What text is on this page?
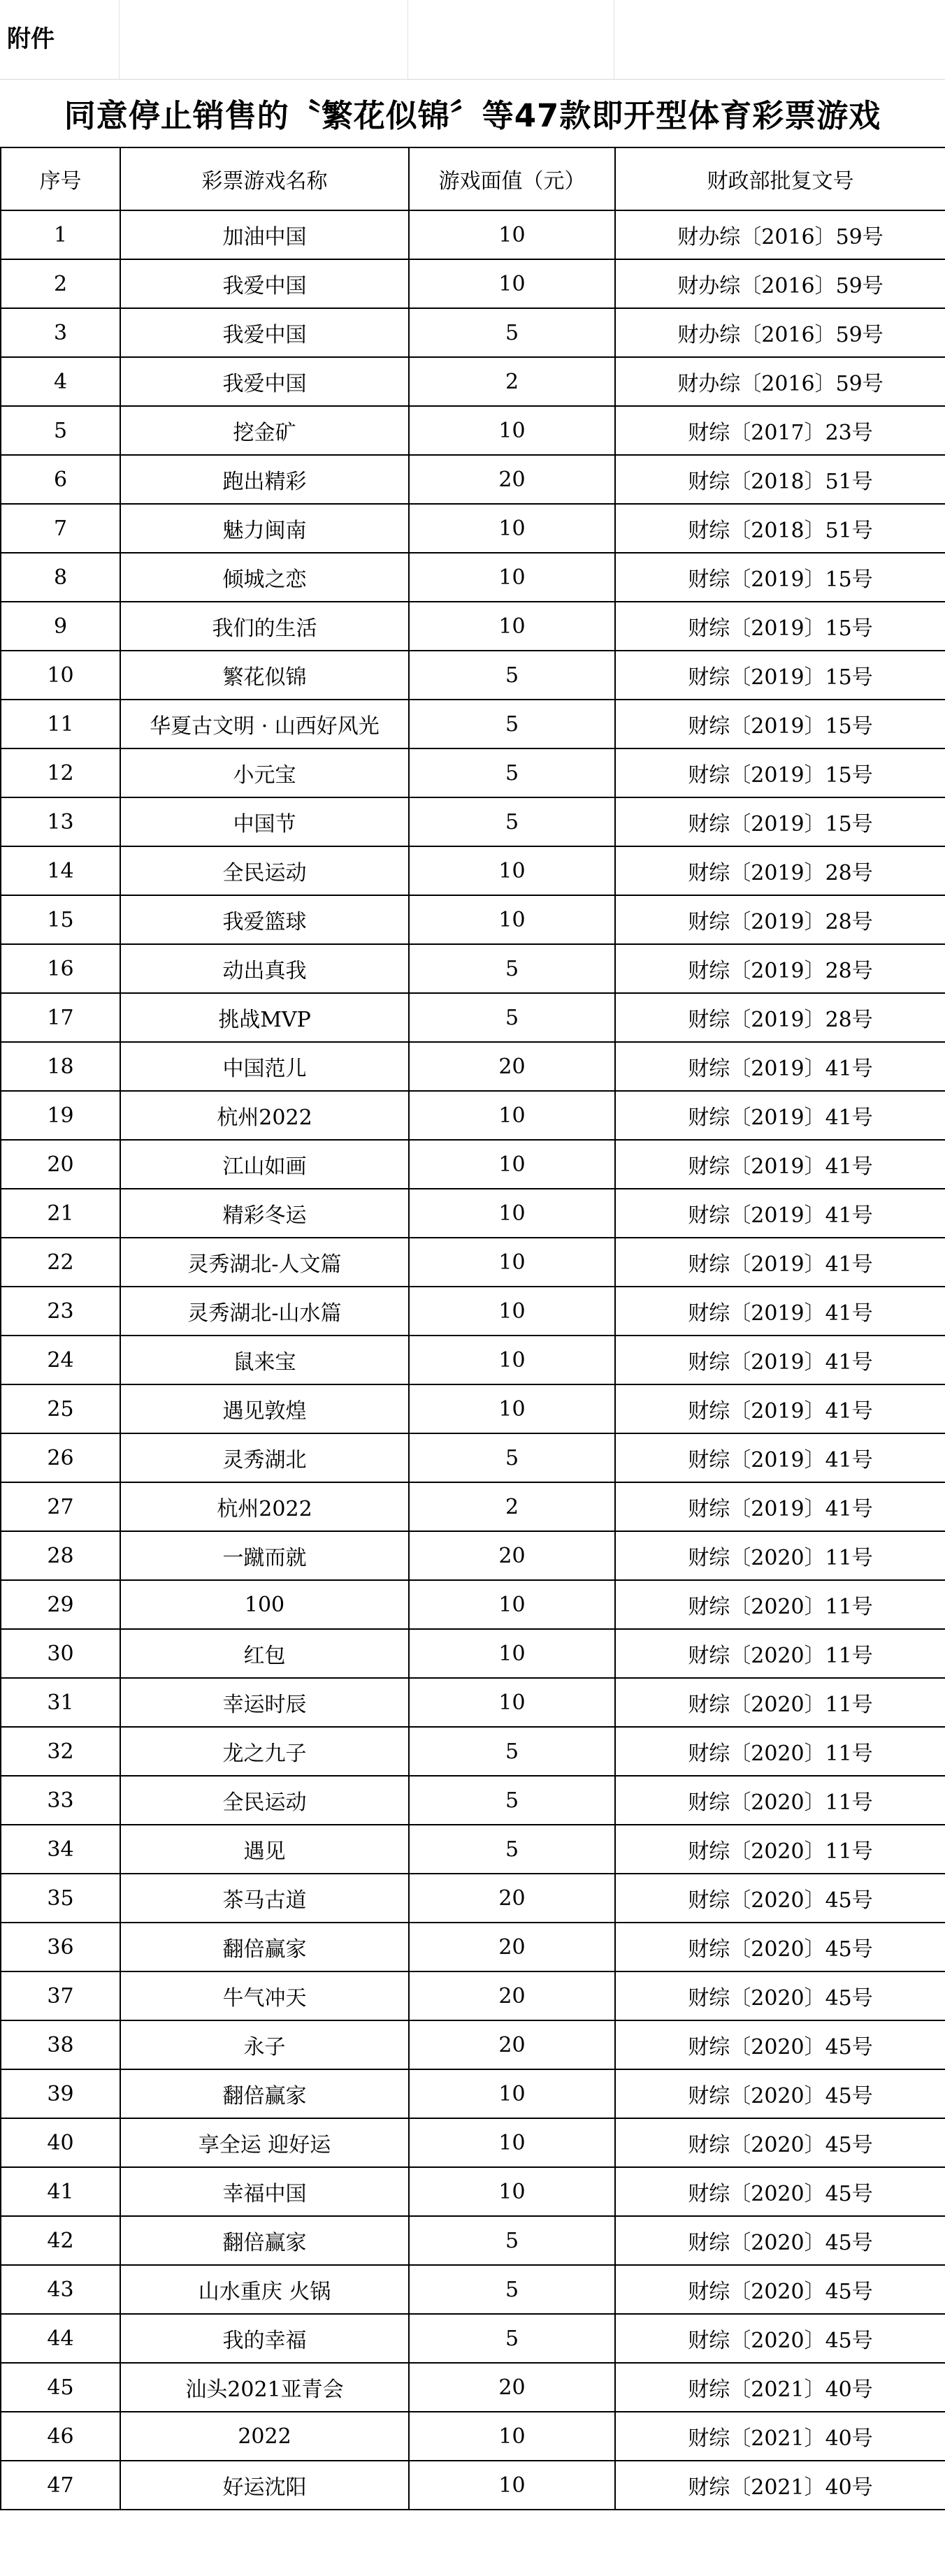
附件
同意停止销售的〝繁花似锦〞等47款即开型体育彩票游戏
序号	彩票游戏名称	游戏面值（元）	财政部批复文号
1	加油中国	10	财办综〔2016〕59号
2	我爱中国	10	财办综〔2016〕59号
3	我爱中国	5	财办综〔2016〕59号
4	我爱中国	2	财办综〔2016〕59号
5	挖金矿	10	财综〔2017〕23号
6	跑出精彩	20	财综〔2018〕51号
7	魅力闽南	10	财综〔2018〕51号
8	倾城之恋	10	财综〔2019〕15号
9	我们的生活	10	财综〔2019〕15号
10	繁花似锦	5	财综〔2019〕15号
11	华夏古文明 · 山西好风光	5	财综〔2019〕15号
12	小元宝	5	财综〔2019〕15号
13	中国节	5	财综〔2019〕15号
14	全民运动	10	财综〔2019〕28号
15	我爱篮球	10	财综〔2019〕28号
16	动出真我	5	财综〔2019〕28号
17	挑战MVP	5	财综〔2019〕28号
18	中国范儿	20	财综〔2019〕41号
19	杭州2022	10	财综〔2019〕41号
20	江山如画	10	财综〔2019〕41号
21	精彩冬运	10	财综〔2019〕41号
22	灵秀湖北-人文篇	10	财综〔2019〕41号
23	灵秀湖北-山水篇	10	财综〔2019〕41号
24	鼠来宝	10	财综〔2019〕41号
25	遇见敦煌	10	财综〔2019〕41号
26	灵秀湖北	5	财综〔2019〕41号
27	杭州2022	2	财综〔2019〕41号
28	一蹴而就	20	财综〔2020〕11号
29	100	10	财综〔2020〕11号
30	红包	10	财综〔2020〕11号
31	幸运时辰	10	财综〔2020〕11号
32	龙之九子	5	财综〔2020〕11号
33	全民运动	5	财综〔2020〕11号
34	遇见	5	财综〔2020〕11号
35	茶马古道	20	财综〔2020〕45号
36	翻倍赢家	20	财综〔2020〕45号
37	牛气冲天	20	财综〔2020〕45号
38	永子	20	财综〔2020〕45号
39	翻倍赢家	10	财综〔2020〕45号
40	享全运 迎好运	10	财综〔2020〕45号
41	幸福中国	10	财综〔2020〕45号
42	翻倍赢家	5	财综〔2020〕45号
43	山水重庆 火锅	5	财综〔2020〕45号
44	我的幸福	5	财综〔2020〕45号
45	汕头2021亚青会	20	财综〔2021〕40号
46	2022	10	财综〔2021〕40号
47	好运沈阳	10	财综〔2021〕40号
